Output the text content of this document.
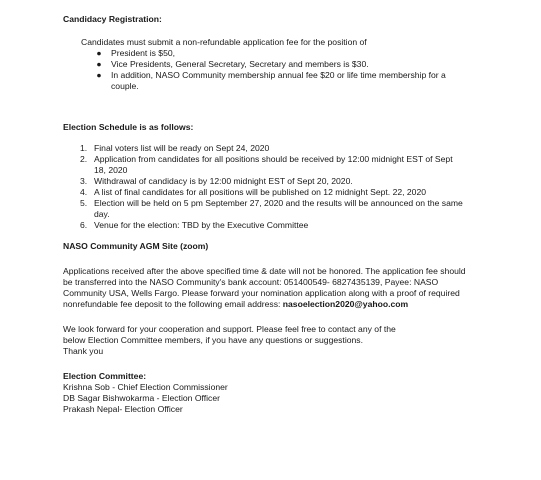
Candidacy Registration:

Candidates must submit a non-refundable application fee for the position of

●	President is $50,
●	Vice Presidents, General Secretary, Secretary and members is $30.
●	In addition, NASO Community membership annual fee $20 or life time membership for a couple.

Election Schedule is as follows:

1. Final voters list will be ready on Sept 24, 2020
2. Application from candidates for all positions should be received by 12:00 midnight EST of Sept 18, 2020
3. Withdrawal of candidacy is by 12:00 midnight EST of Sept 20, 2020.
4. A list of final candidates for all positions will be published on 12 midnight Sept. 22, 2020
5. Election will be held on 5 pm September 27, 2020 and the results will be announced on the same day.
6. Venue for the election: TBD by the Executive Committee

NASO Community AGM Site (zoom)

Applications received after the above specified time & date will not be honored. The application fee should be transferred into the NASO Community's bank account: 051400549- 6827435139, Payee: NASO Community USA, Wells Fargo. Please forward your nomination application along with a proof of required nonrefundable fee deposit to the following email address: nasoelection2020@yahoo.com

We look forward for your cooperation and support. Please feel free to contact any of the

below Election Committee members, if you have any questions or suggestions.

Thank you

Election Committee:

Krishna Sob - Chief Election Commissioner

DB Sagar Bishwokarma - Election Officer

Prakash Nepal- Election Officer
